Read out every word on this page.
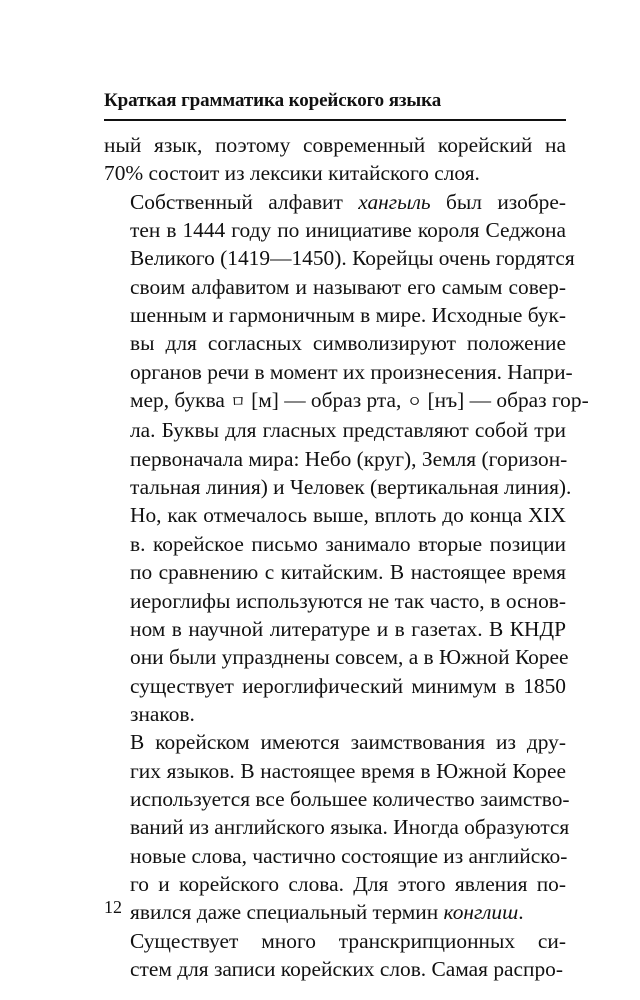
Краткая грамматика корейского языка

ный язык, поэтому современный корейский на
70% состоит из лексики китайского слоя.

Собственный алфавит хангыль был изобре-
тен в 1444 году по инициативе короля Седжона
Великого (1419—1450). Корейцы очень гордятся
своим алфавитом и называют его самым совер-
шенным и гармоничным в мире. Исходные бук-
вы для согласных символизируют положение
органов речи в момент их произнесения. Напри-
мер, буква ㅁ [м] — образ рта, ㅇ [нъ] — образ гор-
ла. Буквы для гласных представляют собой три
первоначала мира: Небо (круг), Земля (горизон-
тальная линия) и Человек (вертикальная линия).
Но, как отмечалось выше, вплоть до конца XIX
в. корейское письмо занимало вторые позиции
по сравнению с китайским. В настоящее время
иероглифы используются не так часто, в основ-
ном в научной литературе и в газетах. В КНДР
они были упразднены совсем, а в Южной Корее
существует иероглифический минимум в 1850
знаков.

В корейском имеются заимствования из дру-
гих языков. В настоящее время в Южной Корее
используется все большее количество заимство-
ваний из английского языка. Иногда образуются
новые слова, частично состоящие из английско-
го и корейского слова. Для этого явления по-
явился даже специальный термин конглиш.

Существует много транскрипционных си-
стем для записи корейских слов. Самая распро-

12
